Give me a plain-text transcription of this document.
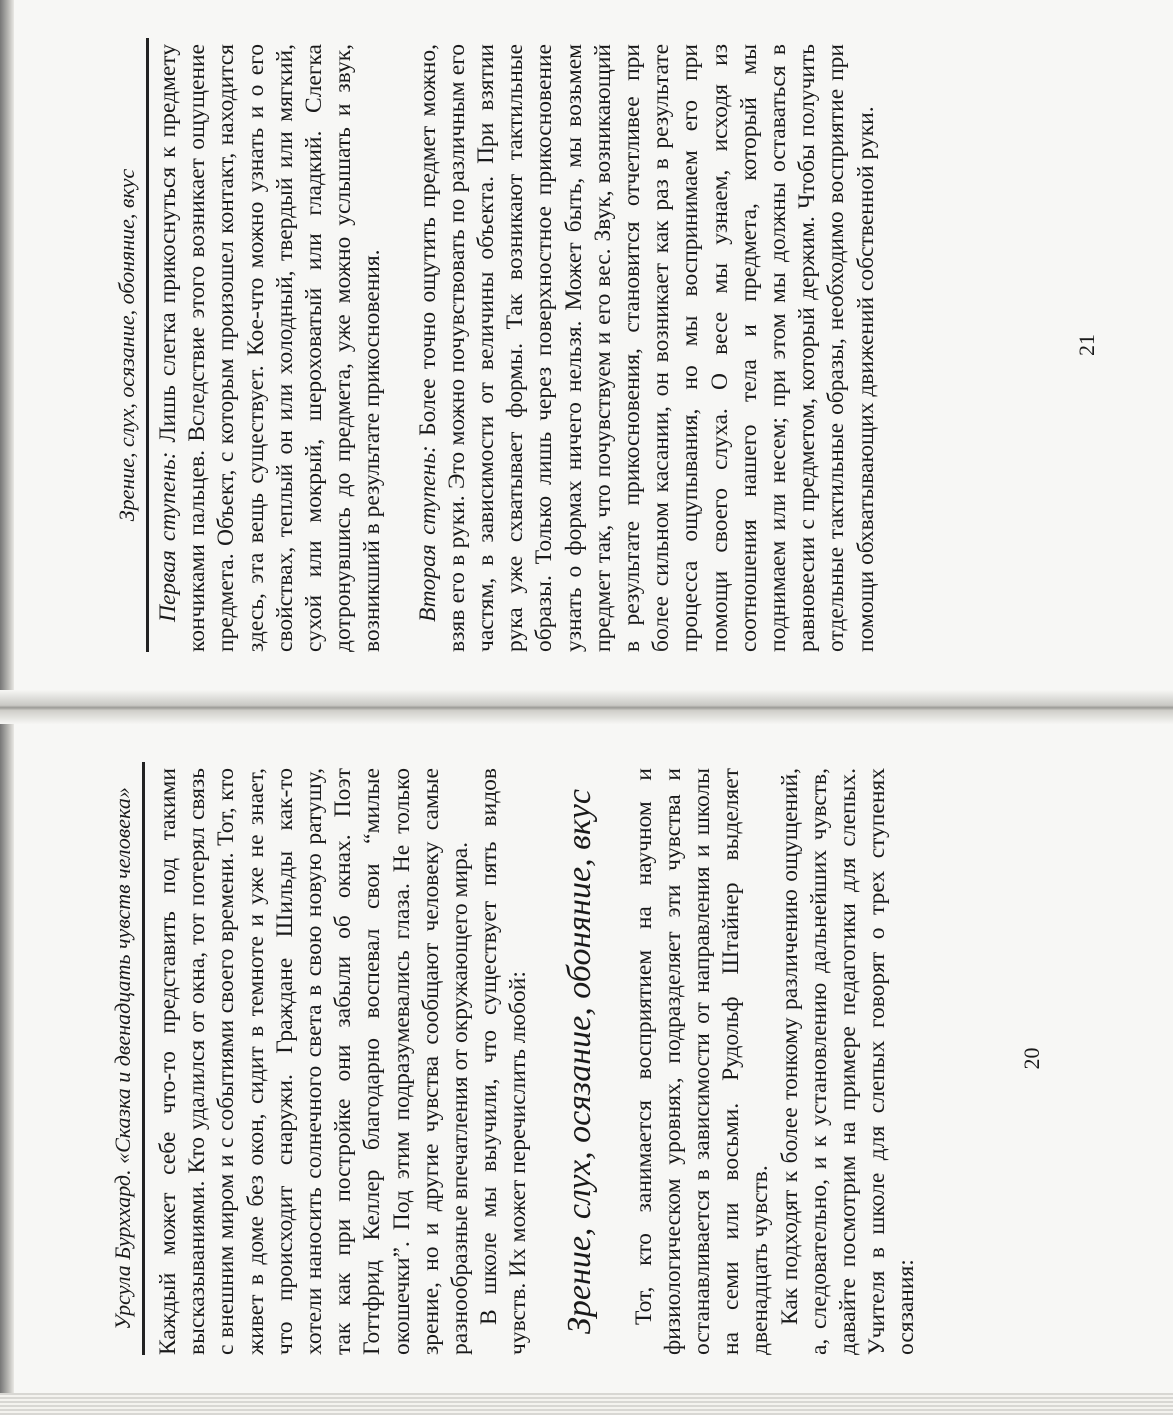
Зрение, слух, осязание, обоняние, вкус

Первая ступень: Лишь слегка прикоснуться к предмету кончиками пальцев. Вследствие этого возникает ощущение предмета. Объект, с которым произошел контакт, находится здесь, эта вещь существует. Кое-что можно узнать и о его свойствах, теплый он или холодный, твердый или мягкий, сухой или мокрый, шероховатый или гладкий. Слегка дотронувшись до предмета, уже можно услышать и звук, возникший в результате прикосновения. Вторая ступень: Более точно ощутить предмет можно, взяв его в руки. Это можно почувствовать по различным его частям, в зависимости от величины объекта. При взятии рука уже схватывает формы. Так возникают тактильные образы. Только лишь через поверхностное прикосновение узнать о формах ничего нельзя. Может быть, мы возьмем предмет так, что почувствуем и его вес. Звук, возникающий в результате прикосновения, становится отчетливее при более сильном касании, он возникает как раз в результате процесса ощупывания, но мы воспринимаем его при помощи своего слуха. О весе мы узнаем, исходя из соотношения нашего тела и предмета, который мы поднимаем или несем; при этом мы должны оставаться в равновесии с предметом, который держим. Чтобы получить отдельные тактильные образы, необходимо восприятие при помощи обхватывающих движений собственной руки.	21
Урсула Бурххард. «Сказка и двенадцать чувств человека» Каждый может себе что-то представить под такими высказываниями. Кто удалился от окна, тот потерял связь с внешним миром и с событиями своего времени. Тот, кто живет в доме без окон, сидит в темноте и уже не знает, что происходит снаружи. Граждане Шильды как-то хотели наносить солнечного света в свою новую ратушу, так как при постройке они забыли об окнах. Поэт Готтфрид Келлер благодарно воспевал свои “милые окошечки”. Под этим подразумевались глаза. Не только зрение, но и другие чувства сообщают человеку самые разнообразные впечатления от окружающего мира. В школе мы выучили, что существует пять видов чувств. Их может перечислить любой: Зрение, слух, осязание, обоняние, вкус Тот, кто занимается восприятием на научном и физиологическом уровнях, подразделяет эти чувства и останавливается в зависимости от направления и школы на семи или восьми. Рудольф Штайнер выделяет двенадцать чувств. Как подходят к более тонкому различению ощущений, а, следовательно, и к установлению дальнейших чувств, давайте посмотрим на примере педагогики для слепых. Учителя в школе для слепых говорят о трех ступенях осязания:

20
